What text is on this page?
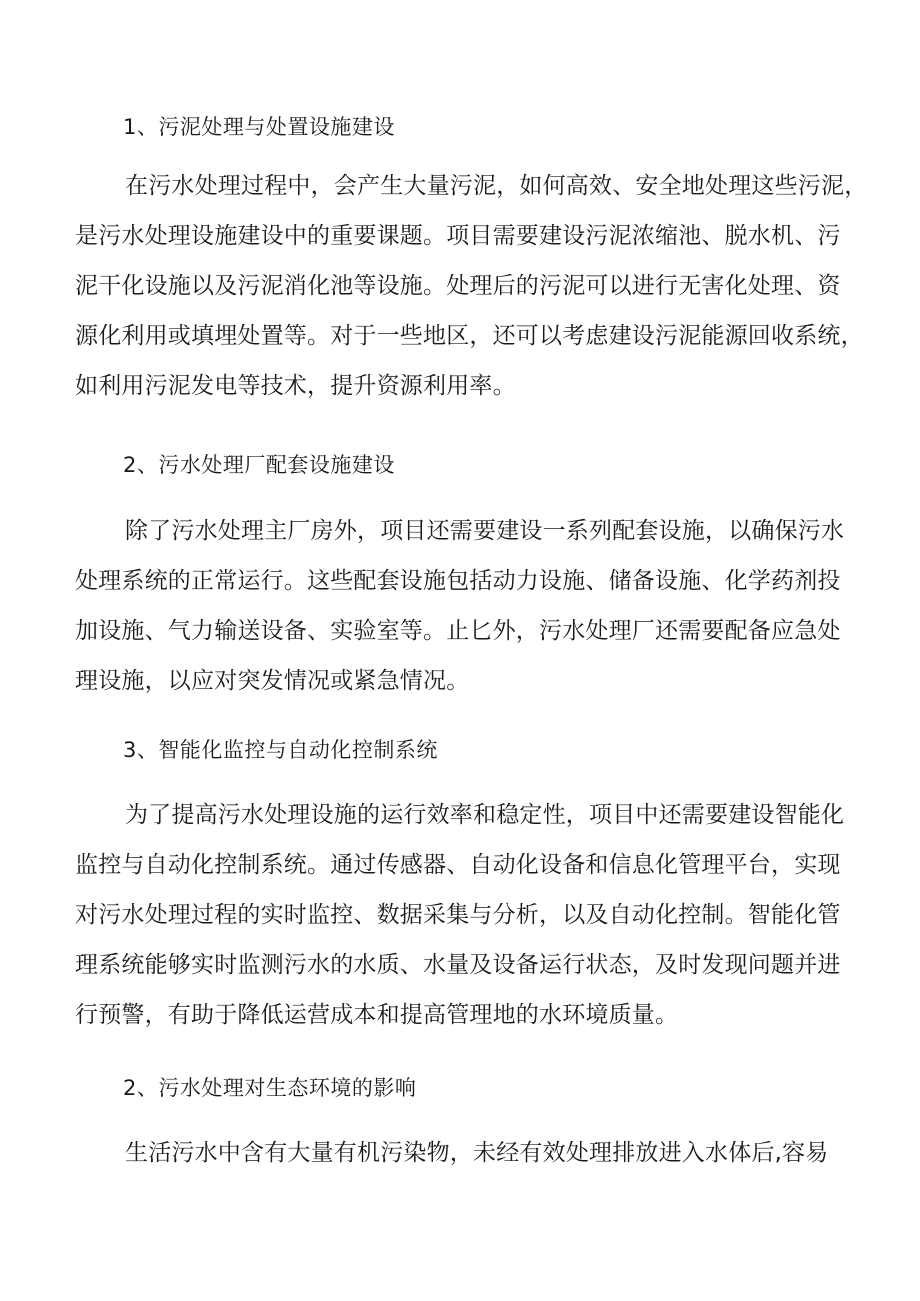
1、污泥处理与处置设施建设
在污水处理过程中，会产生大量污泥，如何高效、安全地处理这些污泥，
是污水处理设施建设中的重要课题。项目需要建设污泥浓缩池、脱水机、污
泥干化设施以及污泥消化池等设施。处理后的污泥可以进行无害化处理、资
源化利用或填埋处置等。对于一些地区，还可以考虑建设污泥能源回收系统，
如利用污泥发电等技术，提升资源利用率。
2、污水处理厂配套设施建设
除了污水处理主厂房外，项目还需要建设一系列配套设施，以确保污水
处理系统的正常运行。这些配套设施包括动力设施、储备设施、化学药剂投
加设施、气力输送设备、实验室等。止匕外，污水处理厂还需要配备应急处
理设施，以应对突发情况或紧急情况。
3、智能化监控与自动化控制系统
为了提高污水处理设施的运行效率和稳定性，项目中还需要建设智能化
监控与自动化控制系统。通过传感器、自动化设备和信息化管理平台，实现
对污水处理过程的实时监控、数据采集与分析，以及自动化控制。智能化管
理系统能够实时监测污水的水质、水量及设备运行状态，及时发现问题并进
行预警，有助于降低运营成本和提高管理地的水环境质量。
2、污水处理对生态环境的影响
生活污水中含有大量有机污染物，未经有效处理排放进入水体后,容易
